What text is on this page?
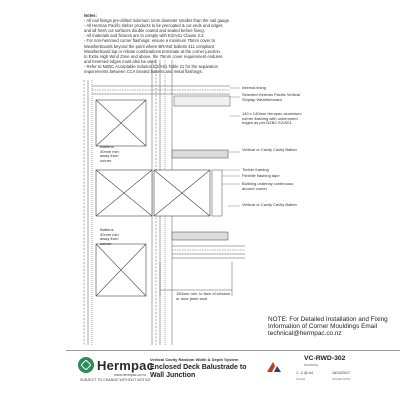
Notes:
- All nail fixings pre-drilled minimum 1mm diameter smaller than the nail gauge.
- All Herman Pacific timber products to be precoated & cut ends and edges
and all fresh cut surfaces double coated and sealed before fixing.
- All materials and fixtures are to comply with E2/AS1 Clause 2.2.
- For non-hemmed corner flashings: ensure a minimum 75mm cover to
Weatherboards beyond the point where BRANZ bulletin 411 compliant
Weatherboard lap or rebate combinations terminate at the corner junction.
In Extra High Wind Zone and above, the 75mm cover requirement endures
and hemmed edges must also be used.
- Refer to NZBC Acceptable Solution E2/AS1 Table 21 for the separation
requirements between CCA treated battens and metal flashings.
Internal lining
Selected Herman Pacific Vertical Shiplap Weatherboard
140 x 140mm Hempac aluminium corner flashing with unhemmed edges as per NZBC E2/AS1
Vertical or Cavity Cavity Batten
Timber framing
Flexible flashing tape
Building underlay continuous around corner
Vertical or Cavity Cavity Batten
Battens 40mm min away from corner
Battens 40mm min away from corner
150mm min. to face of window or door jamb stud
NOTE: For Detailed Installation and Fixing Information of Corner Mouldings Email technical@hermpac.co.nz
Hermpac
www.hermpac.co.nz
SUBJECT TO CHANGE WITHOUT NOTICE
Vertical Cavity Random Width & Depth System
Enclosed Deck Balustrade to Wall Junction
VC-RWD-302
DRAWING
1 : 2 @ A4
SCALE
18/10/2017
ISSUED DATE
